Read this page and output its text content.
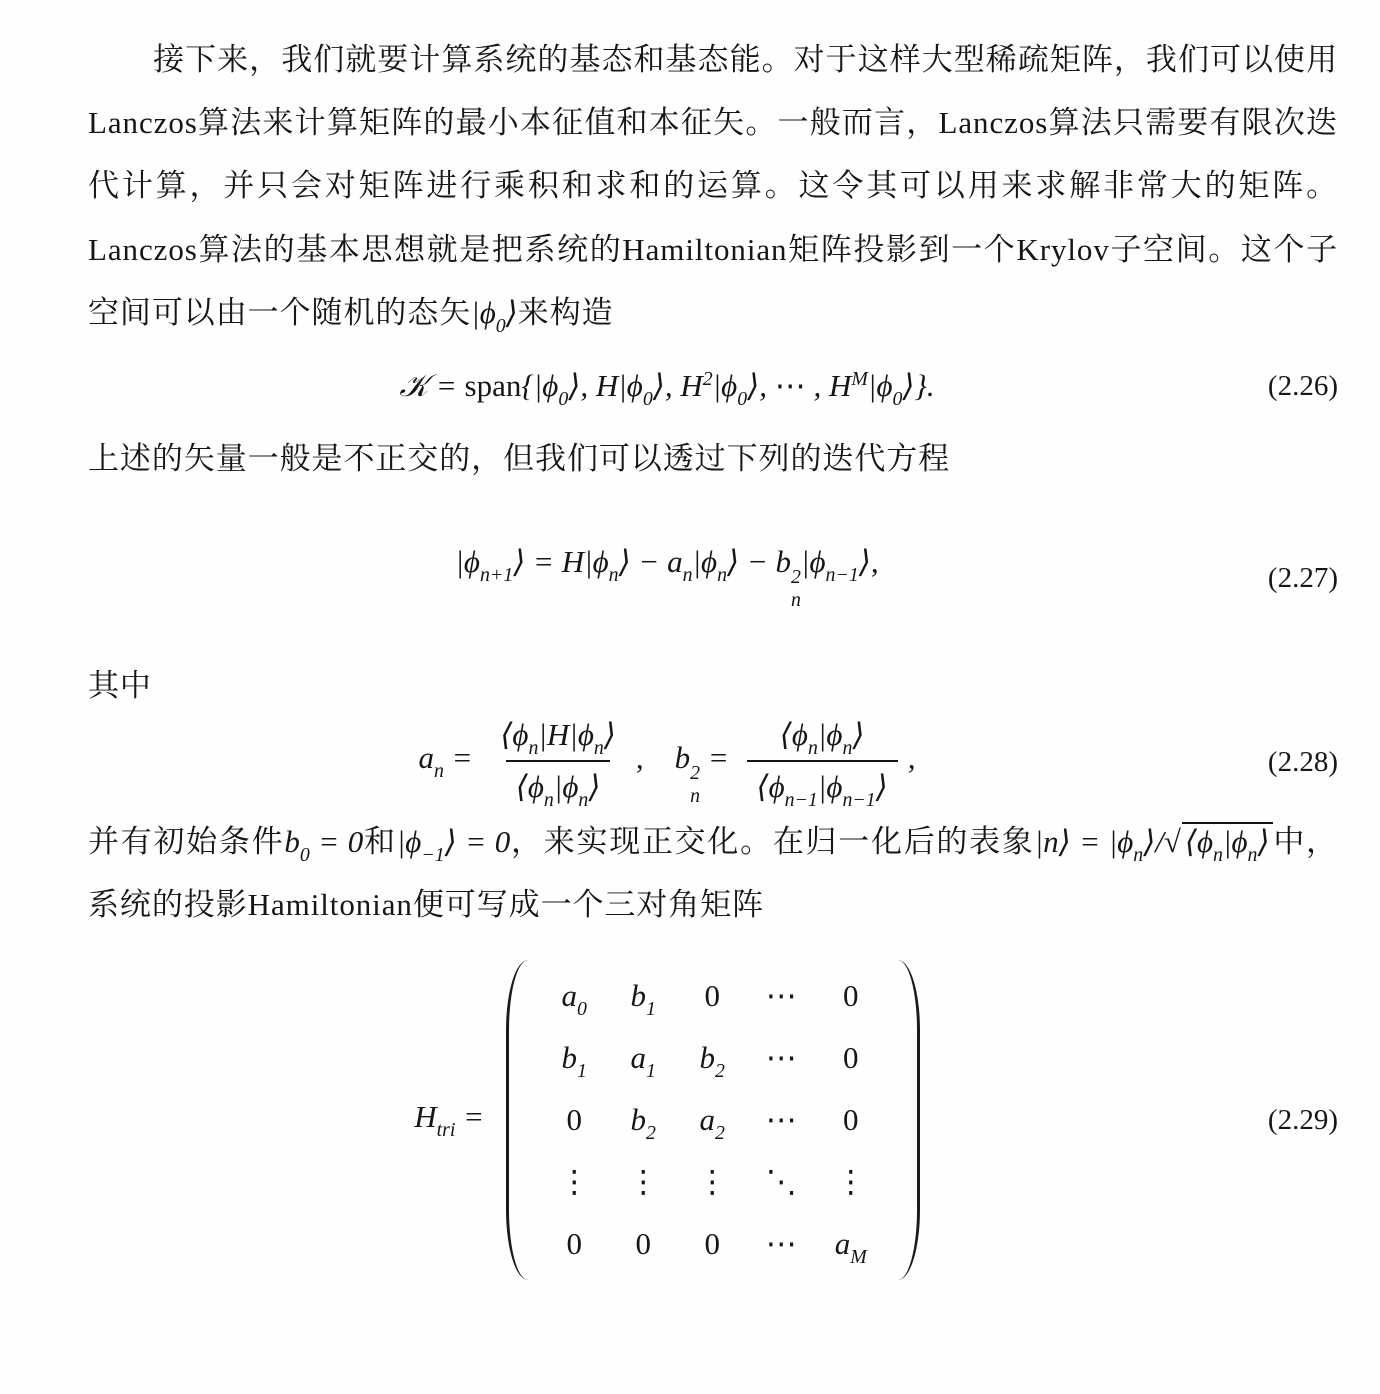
接下来，我们就要计算系统的基态和基态能。对于这样大型稀疏矩阵，我们可以使用Lanczos算法来计算矩阵的最小本征值和本征矢。一般而言，Lanczos算法只需要有限次迭代计算，并只会对矩阵进行乘积和求和的运算。这令其可以用来求解非常大的矩阵。Lanczos算法的基本思想就是把系统的Hamiltonian矩阵投影到一个Krylov子空间。这个子空间可以由一个随机的态矢$|\phi_0⟩$来构造

𝒦 = $span\{|\phi_0⟩$, $H|\phi_0⟩$, $H^2|\phi_0⟩$, ⋯ , $H^M|\phi_0⟩$}.	(2.26)

上述的矢量一般是不正交的，但我们可以透过下列的迭代方程

$|\phi_{n+1}⟩$ = $H|\phi_n⟩$ − $a_n|\phi_n⟩ - b$ 2
n
$|\phi_{n-1}⟩$,	(2.27)

其中

$a_n = \frac{⟨\phi_n|H|\phi_n⟩}{⟨\phi_n|\phi_n⟩}$ , b 2
n
= $\frac{⟨\phi_n|\phi_n⟩}{⟨\phi_{n-1}|\phi_{n-1}⟩}$ ,	(2.28)

并有初始条件$b_0 = 0$和$|\phi_{-1}⟩ = 0$，来实现正交化。在归一化后的表象|n⟩ = $|\phi_n⟩/√⟨\phi_n|\phi_n⟩$中，系统的投影Hamiltonian便可写成一个三对角矩阵

$H_{tri}$ =
$a_0$ $b_1$ 0 ⋯ 0
$b_1$ $a_1$ $b_2$ ⋯ 0
0 $b_2$ $a_2$ ⋯ 0
⋮ ⋮ ⋮ ⋱ ⋮
0 0 0 ⋯ $a_M$
(2.29)
